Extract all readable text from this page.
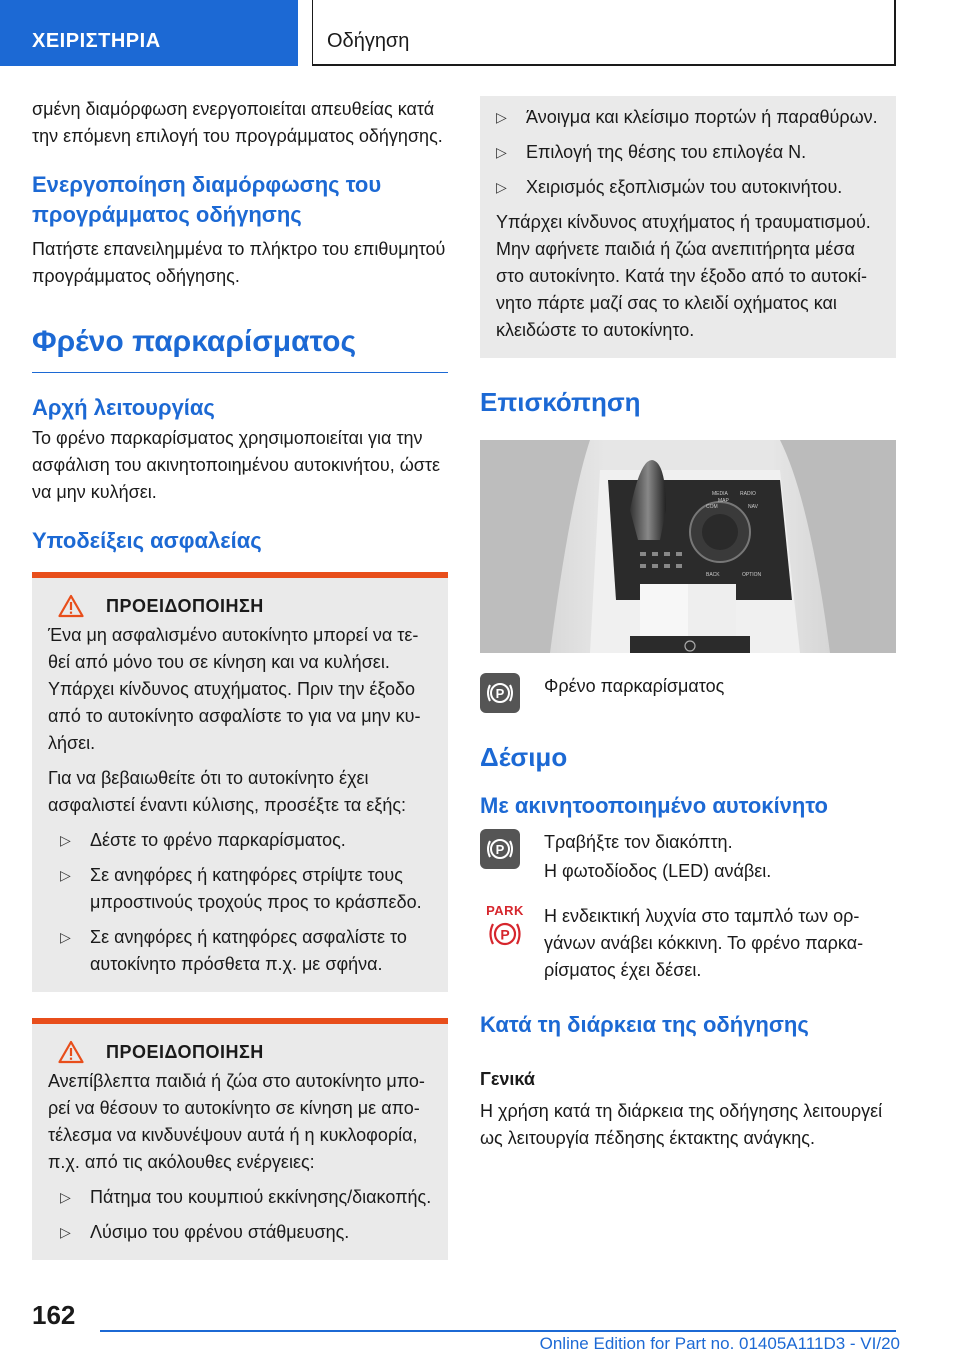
ΧΕΙΡΙΣΤΗΡΙΑ	Οδήγηση

σμένη διαμόρφωση ενεργοποιείται απευθείας κατά την επόμενη επιλογή του προγράμματος οδήγησης.

Ενεργοποίηση διαμόρφωσης του προγράμματος οδήγησης

Πατήστε επανειλημμένα το πλήκτρο του επιθυμητού προγράμματος οδήγησης.

Φρένο παρκαρίσματος
Αρχή λειτουργίας

Το φρένο παρκαρίσματος χρησιμοποιείται για την ασφάλιση του ακινητοποιημένου αυτοκινήτου, ώστε να μην κυλήσει.

Υποδείξεις ασφαλείας
ΠΡΟΕΙΔΟΠΟΙΗΣΗ

Ένα μη ασφαλισμένο αυτοκίνητο μπορεί να τεθεί από μόνο του σε κίνηση και να κυλήσει. Υπάρχει κίνδυνος ατυχήματος. Πριν την έξοδο από το αυτοκίνητο ασφαλίστε το για να μην κυλήσει.

Για να βεβαιωθείτε ότι το αυτοκίνητο έχει ασφαλιστεί έναντι κύλισης, προσέξτε τα εξής:

▷ Δέστε το φρένο παρκαρίσματος.
▷ Σε ανηφόρες ή κατηφόρες στρίψτε τους μπροστινούς τροχούς προς το κράσπεδο.
▷ Σε ανηφόρες ή κατηφόρες ασφαλίστε το αυτοκίνητο πρόσθετα π.χ. με σφήνα.
ΠΡΟΕΙΔΟΠΟΙΗΣΗ

Ανεπίβλεπτα παιδιά ή ζώα στο αυτοκίνητο μπορεί να θέσουν το αυτοκίνητο σε κίνηση με αποτέλεσμα να κινδυνέψουν αυτά ή η κυκλοφορία, π.χ. από τις ακόλουθες ενέργειες:

▷ Πάτημα του κουμπιού εκκίνησης/διακοπής.
▷ Λύσιμο του φρένου στάθμευσης.
▷ Άνοιγμα και κλείσιμο πορτών ή παραθύρων.
▷ Επιλογή της θέσης του επιλογέα N.
▷ Χειρισμός εξοπλισμών του αυτοκινήτου.

Υπάρχει κίνδυνος ατυχήματος ή τραυματισμού. Μην αφήνετε παιδιά ή ζώα ανεπιτήρητα μέσα στο αυτοκίνητο. Κατά την έξοδο από το αυτοκίνητο πάρτε μαζί σας το κλειδί οχήματος και κλειδώστε το αυτοκίνητο.

Επισκόπηση
MEDIA RADIO
COM	NAV
MAP
BACK	OPTION
P Φρένο παρκαρίσματος

Δέσιμο
Με ακινητοοποιημένο αυτοκίνητο
P Τραβήξτε τον διακόπτη.

Η φωτοδίοδος (LED) ανάβει.

PARK
P

Η ενδεικτική λυχνία στο ταμπλό των οργάνων ανάβει κόκκινη. Το φρένο παρκαρίσματος έχει δέσει.

Κατά τη διάρκεια της οδήγησης
Γενικά

Η χρήση κατά τη διάρκεια της οδήγησης λειτουργεί ως λειτουργία πέδησης έκτακτης ανάγκης.

162
Online Edition for Part no. 01405A111D3 - VI/20
